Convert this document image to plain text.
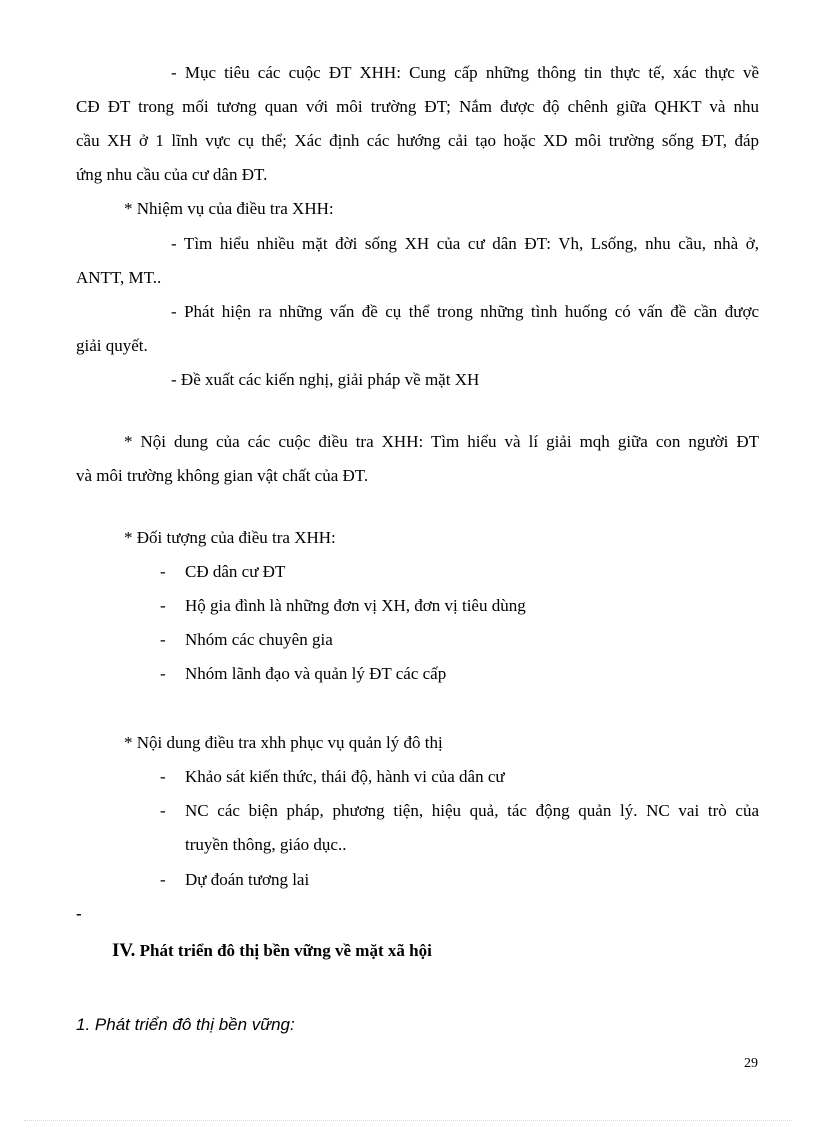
- Mục tiêu các cuộc ĐT XHH: Cung cấp những thông tin thực tế, xác thực về
CĐ ĐT trong mối tương quan với môi trường ĐT; Nắm được độ chênh giữa QHKT và nhu
cầu XH ở 1 lĩnh vực cụ thể; Xác định các hướng cải tạo hoặc XD môi trường sống ĐT, đáp
ứng nhu cầu của cư dân ĐT.
* Nhiệm vụ của điều tra XHH:
- Tìm hiểu nhiều mặt đời sống XH của cư dân ĐT: Vh, Lsống, nhu cầu, nhà ở,
ANTT, MT..
- Phát hiện ra những vấn đề cụ thể trong những tình huống có vấn đề cần được
giải quyết.
- Đề xuất các kiến nghị, giải pháp về mặt XH
* Nội dung của các cuộc điều tra XHH: Tìm hiểu và lí giải mqh giữa con người ĐT
và môi trường không gian vật chất của ĐT.
* Đối tượng của điều tra XHH:
- CĐ dân cư ĐT
- Hộ gia đình là những đơn vị XH, đơn vị tiêu dùng
- Nhóm các chuyên gia
- Nhóm lãnh đạo và quản lý ĐT các cấp
* Nội dung điều tra xhh phục vụ quản lý đô thị
- Khảo sát kiến thức, thái độ, hành vi của dân cư
- NC các biện pháp, phương tiện, hiệu quả, tác động quản lý. NC vai trò của
truyền thông, giáo dục..
- Dự đoán tương lai
-
IV. Phát triển đô thị bền vững về mặt xã hội
1. Phát triển đô thị bền vững:
29
